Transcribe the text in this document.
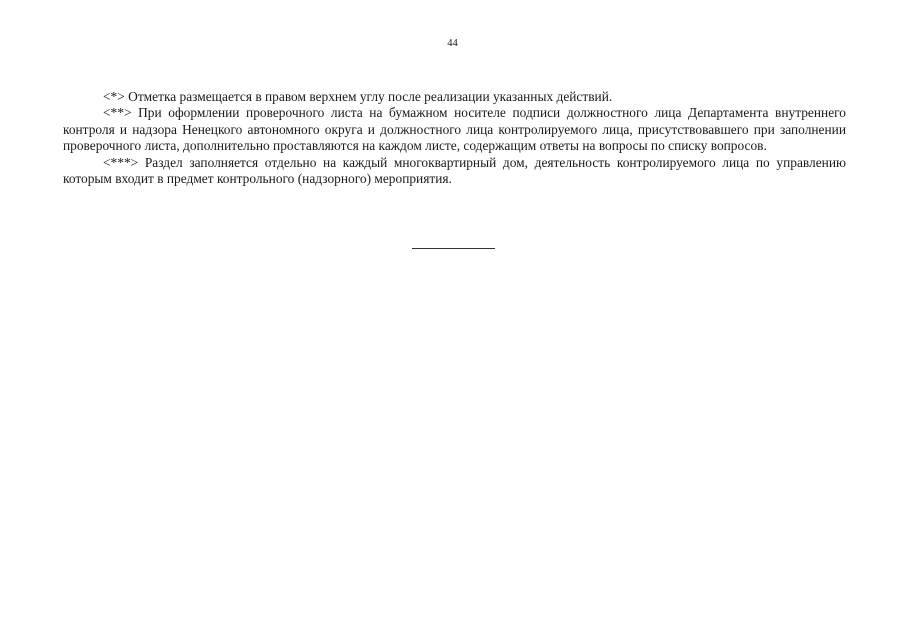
44

<*> Отметка размещается в правом верхнем углу после реализации указанных действий.

<**> При оформлении проверочного листа на бумажном носителе подписи должностного лица Департамента внутреннего контроля и надзора Ненецкого автономного округа и должностного лица контролируемого лица, присутствовавшего при заполнении проверочного листа, дополнительно проставляются на каждом листе, содержащим ответы на вопросы по списку вопросов.

<***> Раздел заполняется отдельно на каждый многоквартирный дом, деятельность контролируемого лица по управлению которым входит в предмет контрольного (надзорного) мероприятия.
